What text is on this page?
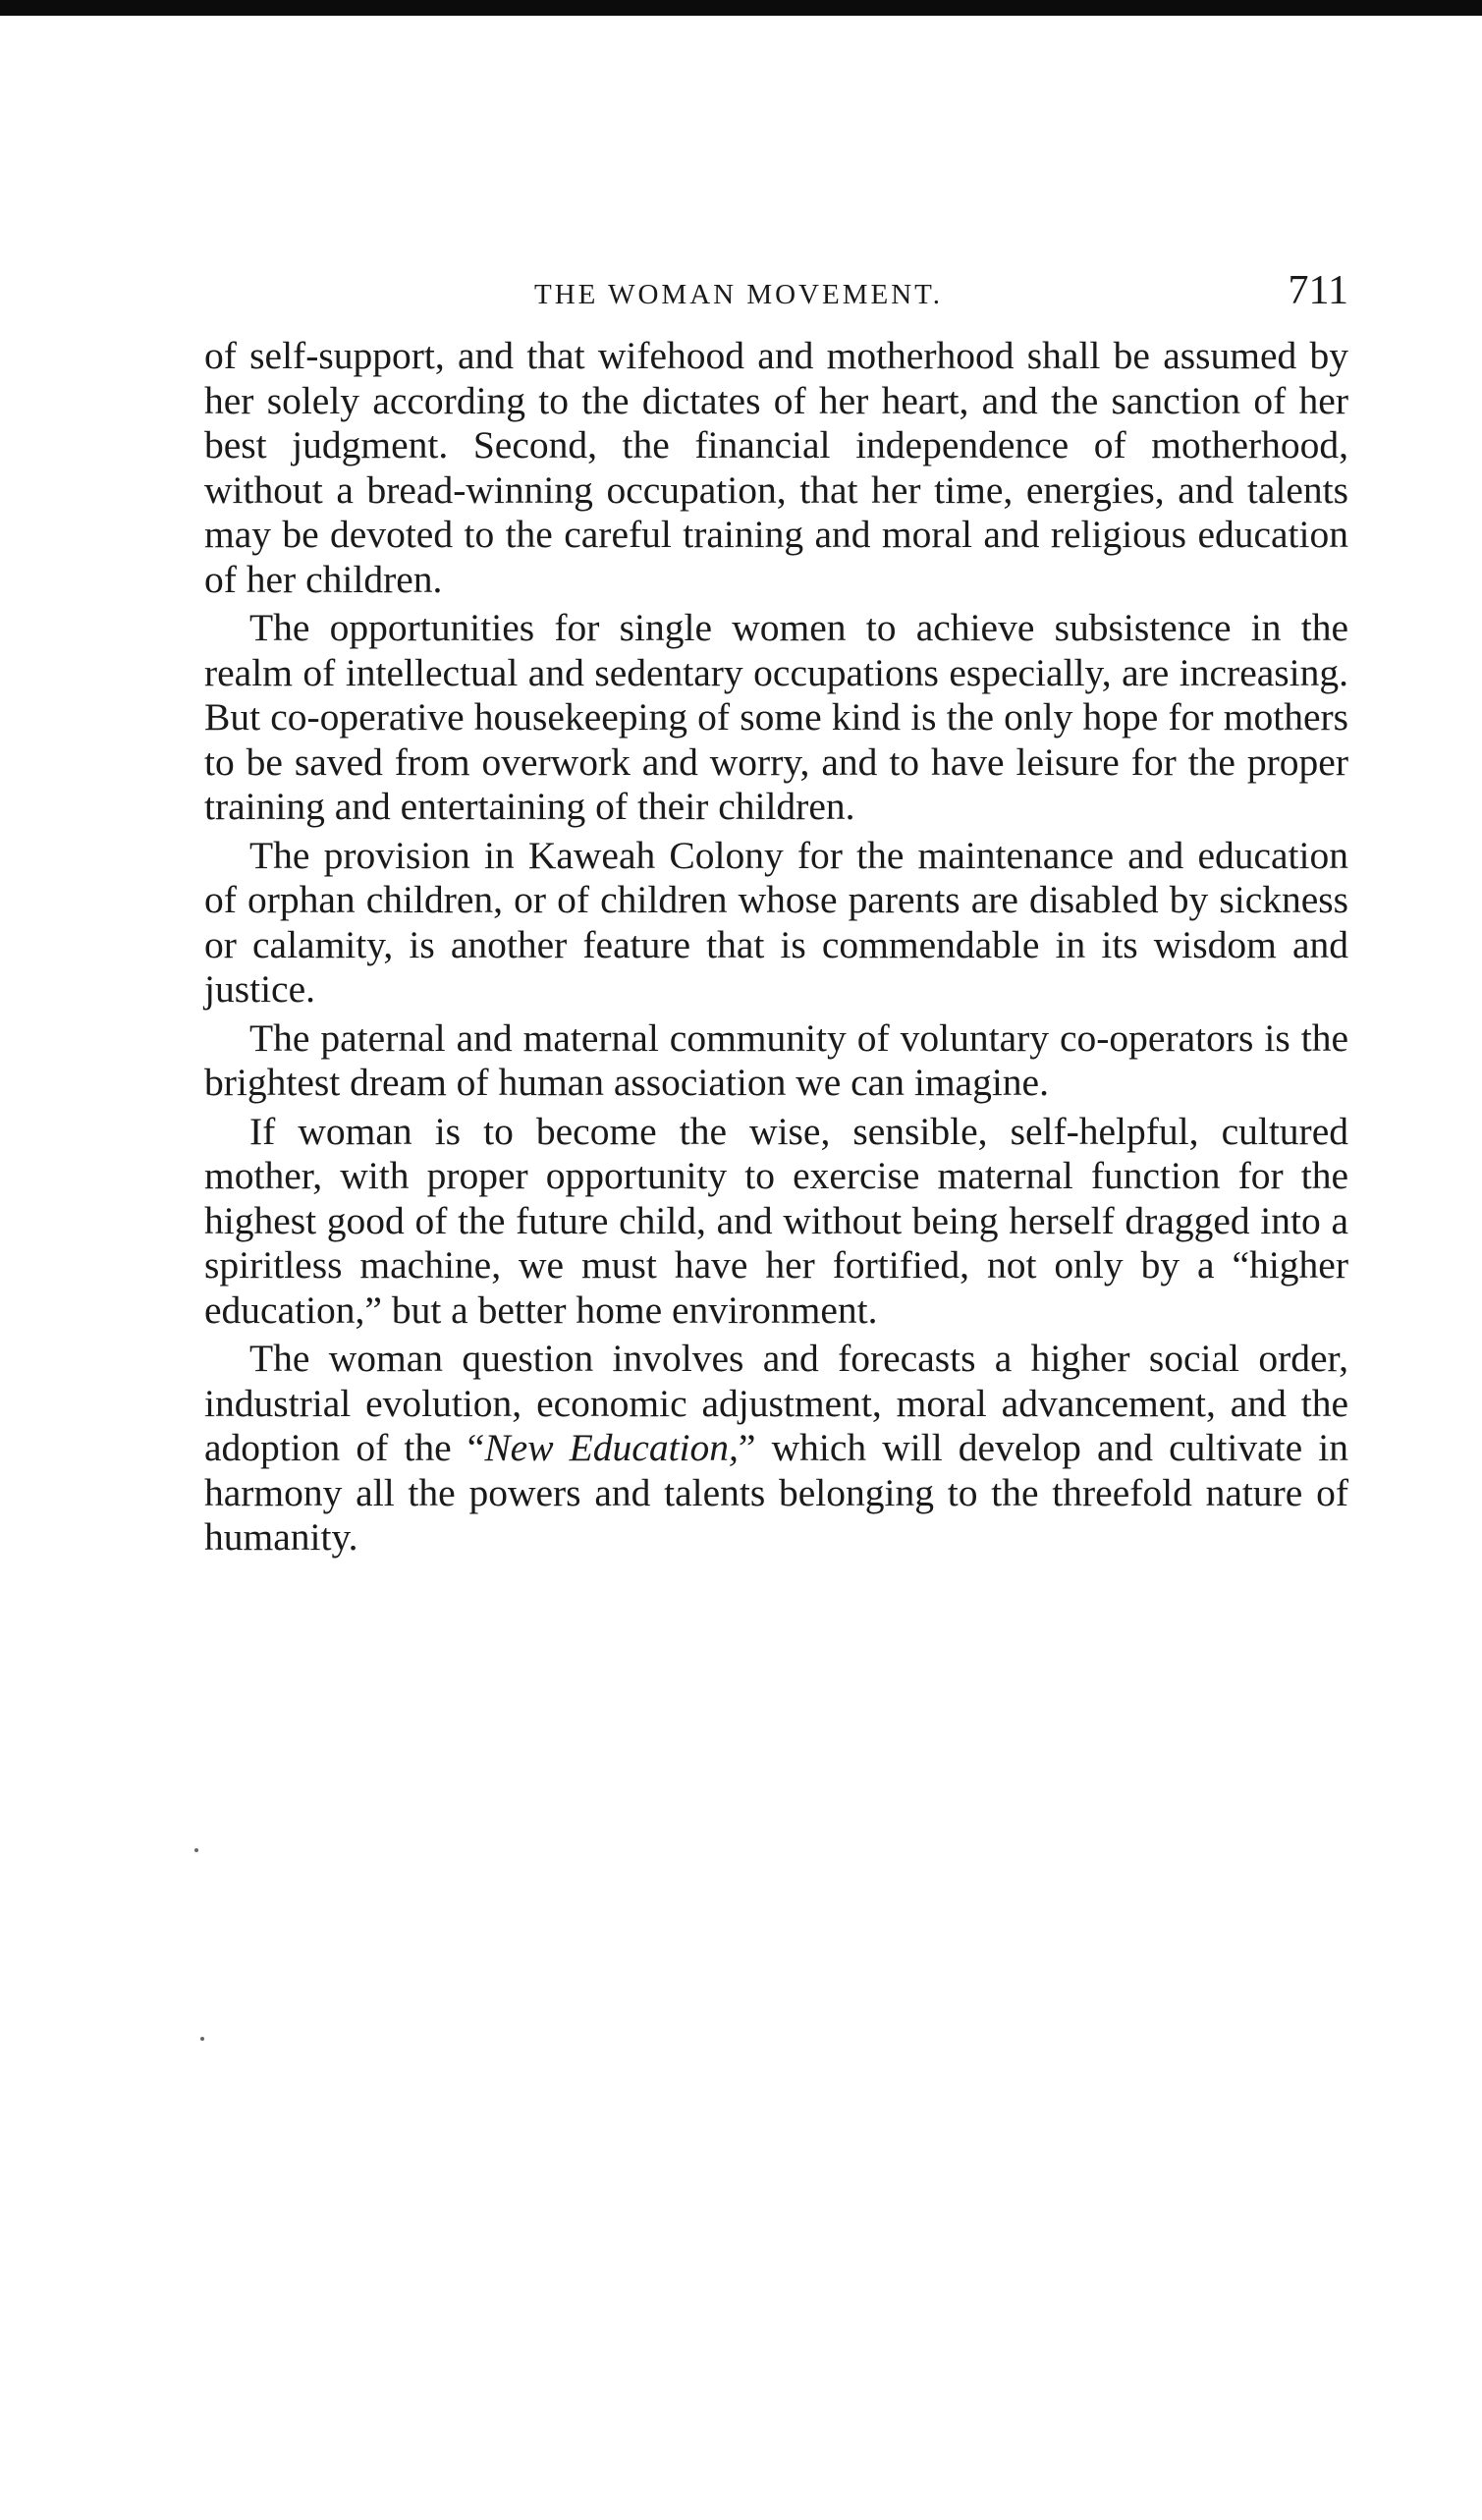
THE WOMAN MOVEMENT.	711

of self-support, and that wifehood and motherhood shall be assumed by her solely according to the dictates of her heart, and the sanction of her best judgment. Second, the financial independence of motherhood, without a bread-winning occupation, that her time, energies, and talents may be devoted to the careful training and moral and religious education of her children.

The opportunities for single women to achieve subsistence in the realm of intellectual and sedentary occupations especially, are increasing. But co-operative housekeeping of some kind is the only hope for mothers to be saved from overwork and worry, and to have leisure for the proper training and entertaining of their children.

The provision in Kaweah Colony for the maintenance and education of orphan children, or of children whose parents are disabled by sickness or calamity, is another feature that is commendable in its wisdom and justice.

The paternal and maternal community of voluntary co-operators is the brightest dream of human association we can imagine.

If woman is to become the wise, sensible, self-helpful, cultured mother, with proper opportunity to exercise maternal function for the highest good of the future child, and without being herself dragged into a spiritless machine, we must have her fortified, not only by a “higher education,” but a better home environment.

The woman question involves and forecasts a higher social order, industrial evolution, economic adjustment, moral advancement, and the adoption of the “New Education,” which will develop and cultivate in harmony all the powers and talents belonging to the threefold nature of humanity.
